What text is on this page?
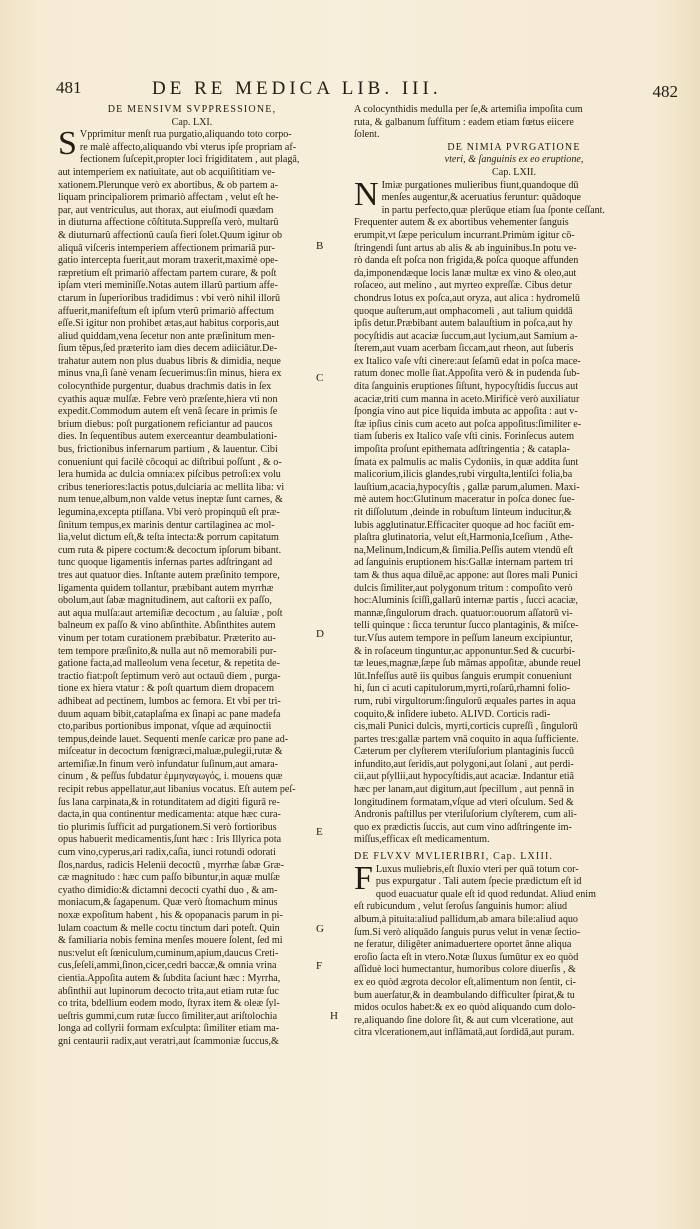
481	DE RE MEDICA LIB. III.	482

DE MENSIVM SVPPRESSIONE,

Cap. LXI.

S Vpprimitur menſt rua purgatio,aliquando toto corpo-
re malè affecto,aliquando vbi vterus ipſe propriam af-
fectionem ſuſcepit,propter loci frigiditatem , aut plagâ,
aut intemperiem ex natiuitate, aut ob acquiſititiam ve-
xationem.Plerunque verò ex abortibus, & ob partem a-
liquam principaliorem primariò affectam , velut eſt he-
par, aut ventriculus, aut thorax, aut eiuſmodi quædam
in diuturna affectione cõſtituta.Suppreſſa verò, multarû
& diuturnarû affectionû cauſa fieri ſolet.Quum igitur ob
aliquâ viſceris intemperiem affectionem primariâ pur-
gatio intercepta fuerit,aut moram traxerit,maximè ope-
ræpretium eſt primariò affectam partem curare, & poſt
ipſam vteri meminiſſe.Notas autem illarû partium affe-
ctarum in ſuperioribus tradidimus : vbi verò nihil illorû
affuerit,manifeſtum eſt ipſum vterû primariò affectum
eſſe.Si igitur non prohibet ætas,aut habitus corporis,aut
aliud quiddam,vena ſecetur non ante præſinitum men-
ſium tēpus,ſed præterito iam dies decem adiiciātur.De-
trahatur autem non plus duabus libris & dimidia, neque
minus vna,ſi ſanè venam ſecuerimus:ſin minus, hiera ex
colocynthide purgentur, duabus drachmis datis in ſex
cyathis aquæ mulſæ. Febre verò præſente,hiera vti non
expedit.Commodum autem eſt venâ ſecare in primis ſe
brium diebus: poſt purgationem reficiantur ad paucos
dies. In ſequentibus autem exerceantur deambulationi-
bus, frictionibus infernarum partium , & lauentur. Cibi
conueniunt qui facilè cōcoqui ac diſtribui poſſunt , & o-
lera humida ac dulcia omnia:ex piſcibus petroſi:ex volu
cribus teneriores:lactis potus,dulciaria ac mellita liba: vi
num tenue,album,non valde vetus ineptæ ſunt carnes, &
legumina,excepta ptiſſana. Vbi verò propinquū eſt præ-
ſinitum tempus,ex marinis dentur cartilaginea ac mol-
lia,velut dictum eſt,& teſta intecta:& porrum capitatum
cum ruta & pipere coctum:& decoctum ipſorum bibant.
tunc quoque ligamentis infernas partes adſtringant ad
tres aut quatuor dies. Inſtante autem præſinito tempore,
ligamenta quidem tollantur, præbibant autem myrrhæ
obolum,aut ſabæ magnitudinem, aut caſtorii ex paſſo,
aut aqua mulſa:aut artemiſiæ decoctum , au ſaluiæ , poſt
balneum ex paſſo & vino abſinthite. Abſinthites autem
vinum per totam curationem præbibatur. Præterito au-
tem tempore præſinito,& nulla aut nō memorabili pur-
gatione facta,ad malleolum vena ſecetur, & repetita de-
tractio fiat:poſt ſeptimum verò aut octauū diem , purga-
tione ex hiera vtatur : & poſt quartum diem dropacem
adhibeat ad pectinem, lumbos ac femora. Et vbi per tri-
duum aquam bibit,cataplaſma ex ſinapi ac pane madefa
cto,paribus portionibus imponat, vſque ad æquinoctii
tempus,deinde lauet. Sequenti menſe caricæ pro pane ad-
miſceatur in decoctum fœnigræci,maluæ,pulegii,rutæ &
artemiſiæ.In finum verò infundatur ſuſinum,aut amara-
cinum , & peſſus ſubdatur ἐμμηναγωγός, i. mouens quæ
recipit rebus appellatur,aut libanius vocatus. Eſt autem peſ-
ſus lana carpinata,& in rotunditatem ad digiti figurâ re-
dacta,in qua continentur medicamenta: atque hæc cura-
tio plurimis ſufficit ad purgationem.Si verò fortioribus
opus habuerit medicamentis,ſunt hæc : Iris Illyrica pota
cum vino,cyperus,ari radix,caſia, iunci rotundi odorati
ſlos,nardus, radicis Helenii decoctū , myrrhæ ſabæ Græ-
cæ magnitudo : hæc cum paſſo bibuntur,in aquæ mulſæ
cyatho dimidio:& dictamni decocti cyathi duo , & am-
moniacum,& ſagapenum. Quæ verò ſtomachum minus
noxæ expoſitum habent , his & opopanacis parum in pi-
lulam coactum & melle coctu tinctum dari poteſt. Quin
& familiaria nobis femina menſes mouere ſolent, ſed mi
nus:velut eſt ſœniculum,cuminum,apium,daucus Creti-
cus,ſeſeli,ammi,ſinon,cicer,cedri baccæ,& omnia vrina
cientia.Appoſita autem & ſubdita ſaciunt hæc : Myrrha,
abſinthii aut lupinorum decocto trita,aut etiam rutæ ſuc
co trita, bdellium eodem modo, ſtyrax item & oleæ ſyl-
ueſtris gummi,cum rutæ ſucco ſimiliter,aut ariſtolochia
longa ad collyrii formam exſculpta: ſimiliter etiam ma-
gni centaurii radix,aut veratri,aut ſcammoniæ ſuccus,&
A colocynthidis medulla per ſe,& artemiſia impoſita cum
ruta, & galbanum ſuffitum : eadem etiam fœtus eiicere
ſolent.

DE NIMIA PVRGATIONE

vteri, & ſanguinis ex eo eruptione,

Cap. LXII.

N Imiæ purgationes mulieribus fiunt,quandoque dū
menſes augentur,& aceruatius feruntur: quādoque
in partu perfecto,quæ plerūque etiam ſua ſponte ceſſant.
Frequenter autem & ex abortibus vehementer ſanguis
erumpit,vt ſæpe periculum incurrant.Primùm igitur cō-
ſtringendi ſunt artus ab alis & ab inguinibus.In potu ve-
rò danda eſt poſca non frigida,& poſca quoque affunden
da,imponendæque locis lanæ multæ ex vino & oleo,aut
roſaceo, aut melino , aut myrteo expreſſæ. Cibus detur
chondrus lotus ex poſca,aut oryza, aut alica : hydromelū
quoque auſterum,aut omphacomeli , aut talium quiddā
ipſis detur.Præbibant autem balauſtium in poſca,aut hy
pocyſtidis aut acaciæ ſuccum,aut lycium,aut Samium a-
ſterem,aut vuam acerbam ſiccam,aut rheon, aut ſuberis
ex Italico vaſe vſti cinere:aut ſeſamū edat in poſca mace-
ratum donec molle ſiat.Appoſita verò & in pudenda ſub-
dita ſanguinis eruptiones ſiſtunt, hypocyſtidis ſuccus aut
acaciæ,triti cum manna in aceto.Mirificè verò auxiliatur
ſpongia vino aut pice liquida imbuta ac appoſita : aut v-
ſtæ ipſius cinis cum aceto aut poſca appoſitus:ſimiliter e-
tiam ſuberis ex Italico vaſe vſti cinis. Forinſecus autem
impoſita proſunt epithemata adſtringentia ; & catapla-
ſmata ex palmulis ac malis Cydoniis, in quæ addita ſunt
malicorium,ilicis glandes,rubi virgulta,lentiſci folia,ba
lauſtium,acacia,hypocyſtis , gallæ parum,alumen. Maxi-
mè autem hoc:Glutinum maceratur in poſca donec ſue-
rit diſſolutum ,deinde in robuſtum linteum inducitur,&
lubis agglutinatur.Efficaciter quoque ad hoc faciūt em-
plaſtra glutinatoria, velut eſt,Harmonia,Iceſium , Athe-
na,Melinum,Indicum,& ſimilia.Peſſis autem vtendū eſt
ad ſanguinis eruptionem his:Gallæ internam partem tri
tam & thus aqua diluē,ac appone: aut ſlores mali Punici
dulcis ſimiliter,aut polygonum tritum : compoſito verò
hoc:Aluminis ſciſſi,gallarū internæ partis , ſucci acaciæ,
mannæ,ſingulorum drach. quatuor:ouorum aſſatorū vi-
telli quinque : ſicca teruntur ſucco plantaginis, & miſce-
tur.Vſus autem tempore in peſſum laneum excipiuntur,
& in roſaceum tinguntur,ac apponuntur.Sed & cucurbi-
tæ leues,magnæ,ſæpe ſub māmas appoſitæ, abunde reuel
lūt.Infeſſus autē iis quibus ſanguis erumpit conueniunt
hi, ſun ci acuti capitulorum,myrti,roſarū,rhamni folio-
rum, rubi virgultorum:ſingulorū æquales partes in aqua
coquito,& inſidere iubeto. ALIVD. Corticis radi-
cis,mali Punici dulcis, myrti,corticis cupreſſi , ſingulorū
partes tres:gallæ partem vnā coquito in aqua ſufficiente.
Cæterum per clyſterem vteriſuſorium plantaginis ſuccū
infundito,aut ſeridis,aut polygoni,aut ſolani , aut perdi-
cii,aut pſyllii,aut hypocyſtidis,aut acaciæ. Indantur etiā
hæc per lanam,aut digitum,aut ſpecillum , aut pennā in
longitudinem formatam,vſque ad vteri oſculum. Sed &
Andronis paſtillus per vteriſuſorium clyſterem, cum ali-
quo ex prædictis ſuccis, aut cum vino adſtringente im-
miſſus,efficax eſt medicamentum.

DE FLVXV MVLIERIBRI, Cap. LXIII.

F Luxus muliebris,eſt ſluxio vteri per quā totum cor-
pus expurgatur . Tali autem ſpecie prædictum eſt id
quod euacuatur quale eſt id quod redundat. Aliud enim
eſt rubicundum , velut ſeroſus ſanguinis humor: aliud
album,à pituita:aliud pallidum,ab amara bile:aliud aquo
ſum.Si verò aliquādo ſanguis purus velut in venæ ſectio-
ne feratur, diligēter animaduertere oportet ânne aliqua
eroſio ſacta eſt in vtero.Notæ ſluxus ſumūtur ex eo quòd
aſſiduè loci humectantur, humoribus colore diuerſis , &
ex eo quòd ægrota decolor eſt,alimentum non ſentit, ci-
bum auerſatur,& in deambulando difficulter ſpirat,& tu
midos oculos habet:& ex eo quòd aliquando cum dolo-
re,aliquando ſine dolore ſit, & aut cum vlceratione, aut
citra vlcerationem,aut inflāmatā,aut ſordidā,aut puram.
B
C
D
E
F
G
H
